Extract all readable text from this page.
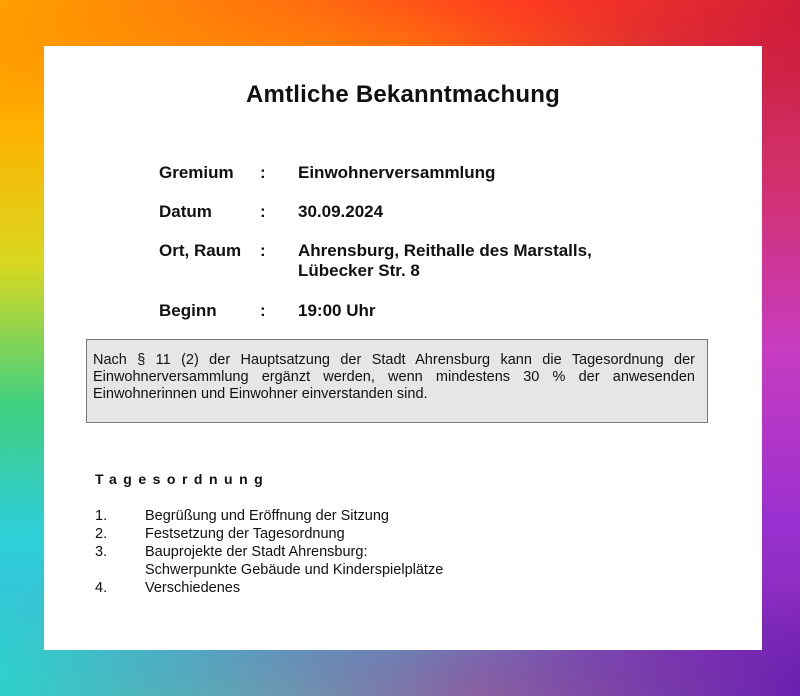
Amtliche Bekanntmachung
Gremium : Einwohnerversammlung
Datum	: 30.09.2024
Ort, Raum : Ahrensburg, Reithalle des Marstalls,
Lübecker Str. 8
Beginn	: 19:00 Uhr
Nach § 11 (2) der Hauptsatzung der Stadt Ahrensburg kann die Tagesordnung der Einwohnerversammlung ergänzt werden, wenn mindestens 30 % der anwesenden Einwohnerinnen und Einwohner einverstanden sind.
Tagesordnung
1.	Begrüßung und Eröffnung der Sitzung
2.	Festsetzung der Tagesordnung
3.	Bauprojekte der Stadt Ahrensburg:
Schwerpunkte Gebäude und Kinderspielplätze
4.	Verschiedenes
